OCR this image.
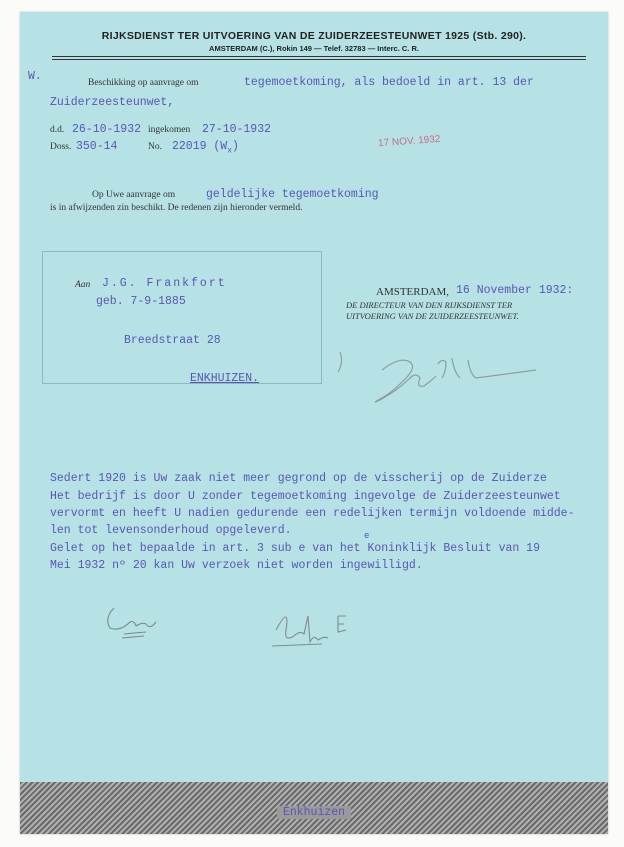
RIJKSDIENST TER UITVOERING VAN DE ZUIDERZEESTEUNWET 1925 (Stb. 290).
AMSTERDAM (C.), Rokin 149 — Telef. 32783 — Interc. C. R.
W.	Beschikking op aanvrage om	tegemoetkoming, als bedoeld in art. 13 der
Zuiderzeesteunwet,
d.d. 26-10-1932 ingekomen 27-10-1932
Doss. 350-14	No. 22019 $(W_x)$	17 NOV. 1932
Op Uwe aanvrage om	geldelijke tegemoetkoming
is in afwijzenden zin beschikt. De redenen zijn hieronder vermeld.
Aan J.G. Frankfort
geb. 7-9-1885
Breedstraat 28
ENKHUIZEN.
AMSTERDAM, 16 November 1932:
DE DIRECTEUR VAN DEN RIJKSDIENST TER
UITVOERING VAN DE ZUIDERZEESTEUNWET.
Sedert 1920 is Uw zaak niet meer gegrond op de visscherij op de Zuiderze
Het bedrijf is door U zonder tegemoetkoming ingevolge de Zuiderzeesteunwet
vervormt en heeft U nadien gedurende een redelijken termijn voldoende midde-
len tot levensonderhoud opgeleverd.
Gelet op het bepaalde in art. 3 sub e van het Koninklijk Besluit van 19
Mei 1932 nº 20 kan Uw verzoek niet worden ingewilligd.
e
Enkhuizen
